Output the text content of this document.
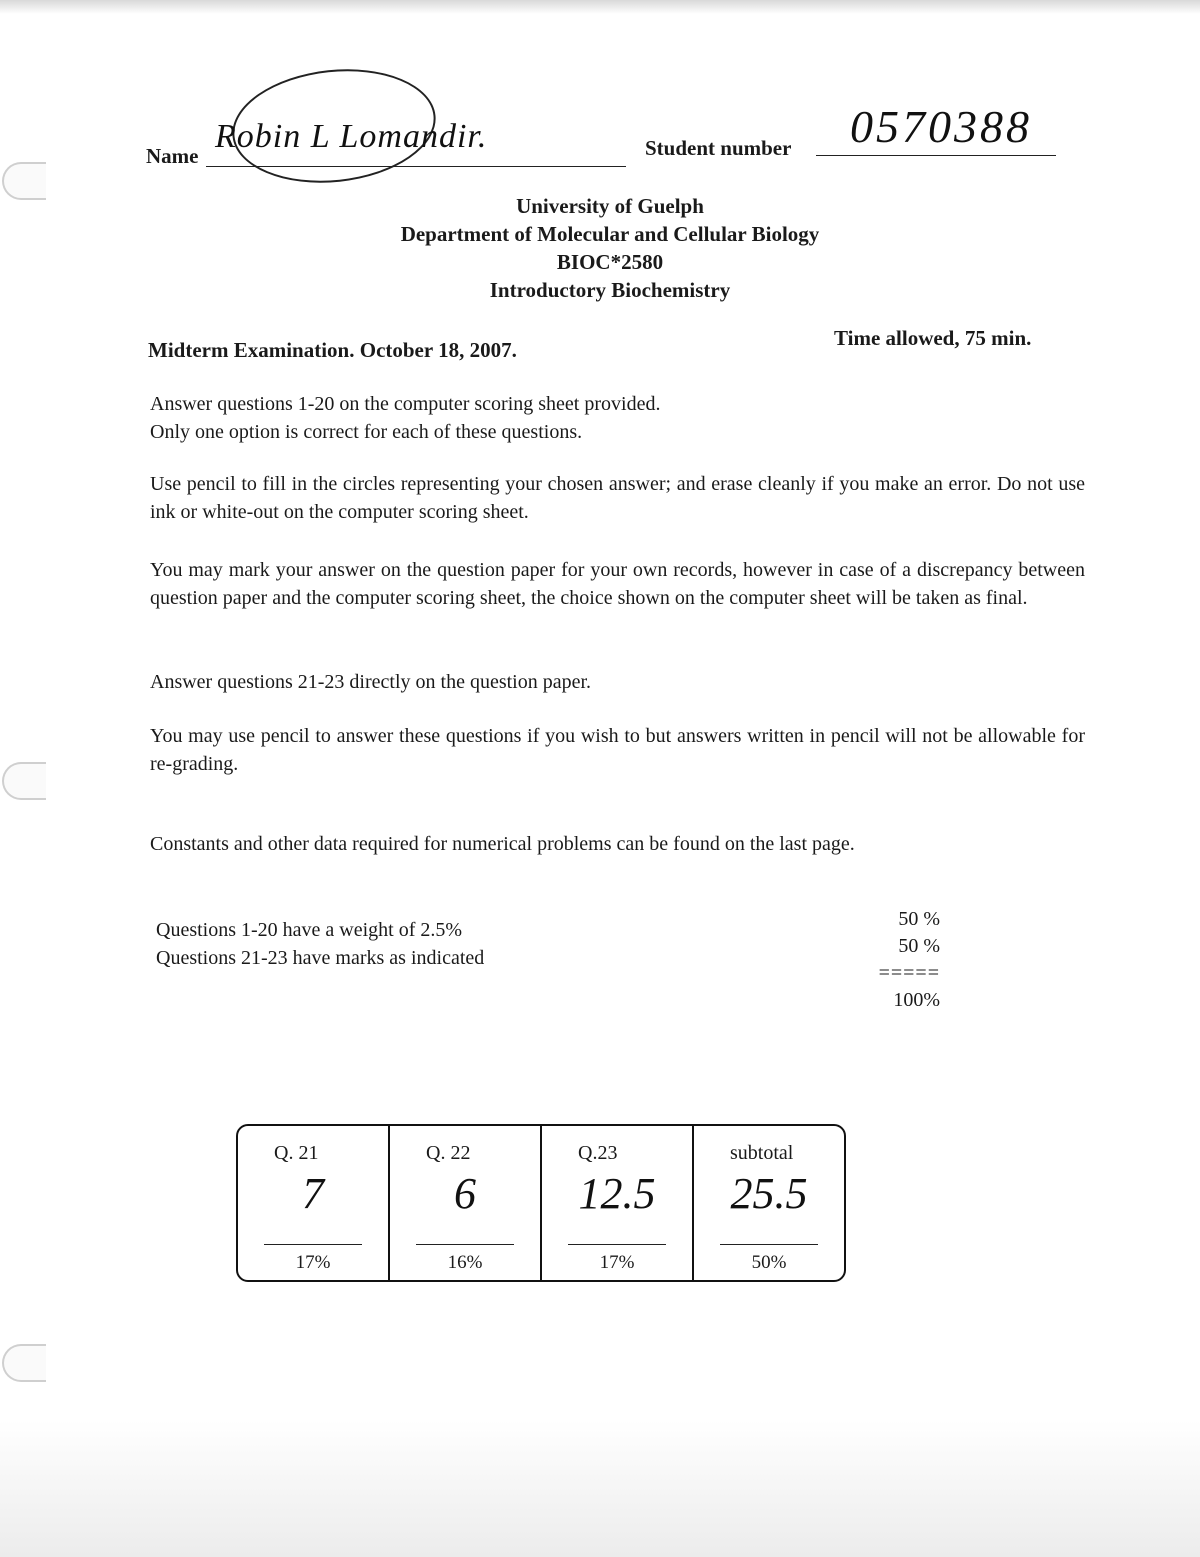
Name
Robin L Lomandir.	Student number 0570388
University of Guelph
Department of Molecular and Cellular Biology
BIOC*2580
Introductory Biochemistry
Midterm Examination. October 18, 2007.	Time allowed, 75 min.

Answer questions 1-20 on the computer scoring sheet provided.

Only one option is correct for each of these questions.

Use pencil to fill in the circles representing your chosen answer; and erase cleanly if you make an error. Do not use ink or white-out on the computer scoring sheet.

You may mark your answer on the question paper for your own records, however in case of a discrepancy between question paper and the computer scoring sheet, the choice shown on the computer sheet will be taken as final.

Answer questions 21-23 directly on the question paper.

You may use pencil to answer these questions if you wish to but answers written in pencil will not be allowable for re-grading.

Constants and other data required for numerical problems can be found on the last page.

Questions 1-20 have a weight of 2.5%
Questions 21-23 have marks as indicated
50 %
50 %
=====
100%
Q. 21
7
17%
Q. 22
6
16%
Q.23
12.5
17%
subtotal
25.5
50%
